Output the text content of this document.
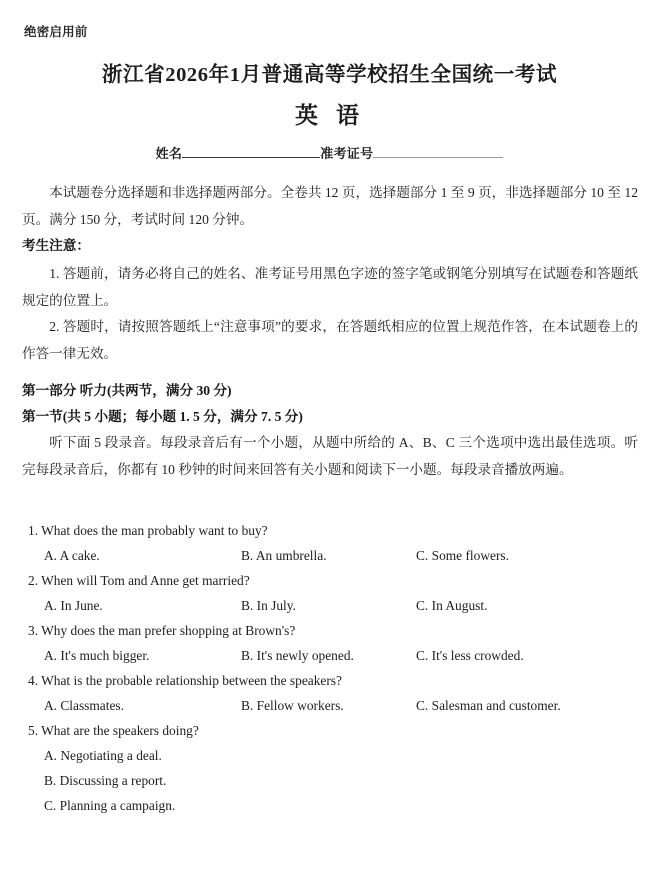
绝密启用前
浙江省2026年1月普通高等学校招生全国统一考试
英 语
姓名	准考证号
本试题卷分选择题和非选择题两部分。全卷共 12 页，选择题部分 1 至 9 页，非选择题部分 10 至 12 页。满分 150 分，考试时间 120 分钟。
考生注意：
1. 答题前，请务必将自己的姓名、准考证号用黑色字迹的签字笔或钢笔分别填写在试题卷和答题纸规定的位置上。
2. 答题时，请按照答题纸上“注意事项”的要求，在答题纸相应的位置上规范作答，在本试题卷上的作答一律无效。
第一部分 听力(共两节，满分 30 分)
第一节(共 5 小题；每小题 1. 5 分，满分 7. 5 分)
听下面 5 段录音。每段录音后有一个小题，从题中所给的 A、B、C 三个选项中选出最佳选项。听完每段录音后，你都有 10 秒钟的时间来回答有关小题和阅读下一小题。每段录音播放两遍。
1. What does the man probably want to buy?
A. A cake.	B. An umbrella.	C. Some flowers.
2. When will Tom and Anne get married?
A. In June.	B. In July.	C. In August.
3. Why does the man prefer shopping at Brown's?
A. It's much bigger.	B. It's newly opened.	C. It's less crowded.
4. What is the probable relationship between the speakers?
A. Classmates.	B. Fellow workers.	C. Salesman and customer.
5. What are the speakers doing?
A. Negotiating a deal.
B. Discussing a report.
C. Planning a campaign.
